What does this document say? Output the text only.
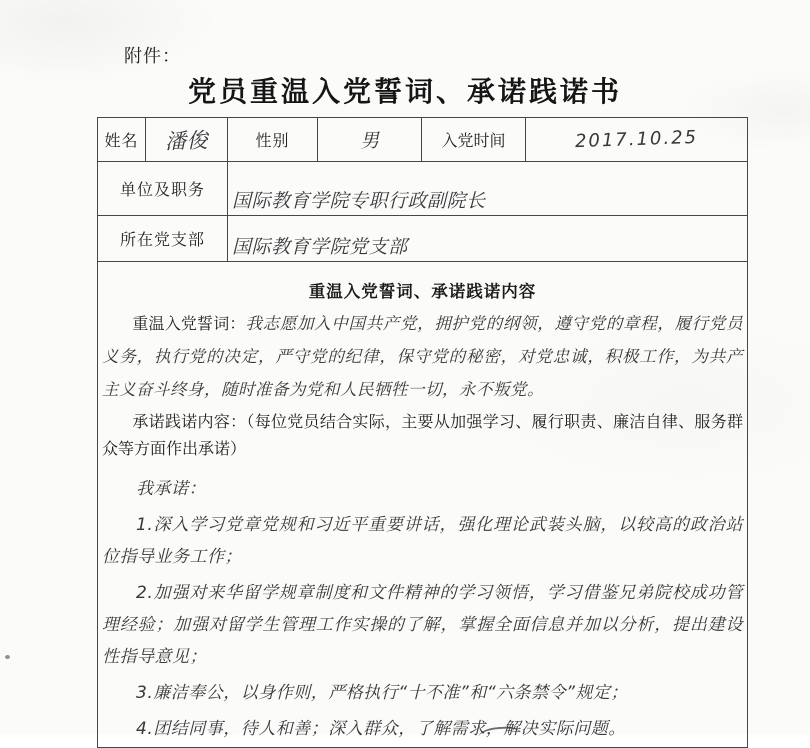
附件：
党员重温入党誓词、承诺践诺书
姓名	潘俊	性别	男	入党时间	2017.10.25
单位及职务		国际教育学院专职行政副院长			
所在党支部		国际教育学院党支部			

重温入党誓词、承诺践诺内容

重温入党誓词：我志愿加入中国共产党，拥护党的纲领，遵守党的章程，履行党员义务，执行党的决定，严守党的纪律，保守党的秘密，对党忠诚，积极工作，为共产主义奋斗终身，随时准备为党和人民牺牲一切，永不叛党。

承诺践诺内容：（每位党员结合实际，主要从加强学习、履行职责、廉洁自律、服务群众等方面作出承诺）

我承诺：

1.深入学习党章党规和习近平重要讲话，强化理论武装头脑，以较高的政治站位指导业务工作；

2.加强对来华留学规章制度和文件精神的学习领悟，学习借鉴兄弟院校成功管理经验；加强对留学生管理工作实操的了解，掌握全面信息并加以分析，提出建设性指导意见；

3.廉洁奉公，以身作则，严格执行“十不准”和“六条禁令”规定；

4.团结同事，待人和善；深入群众，了解需求，解决实际问题。
